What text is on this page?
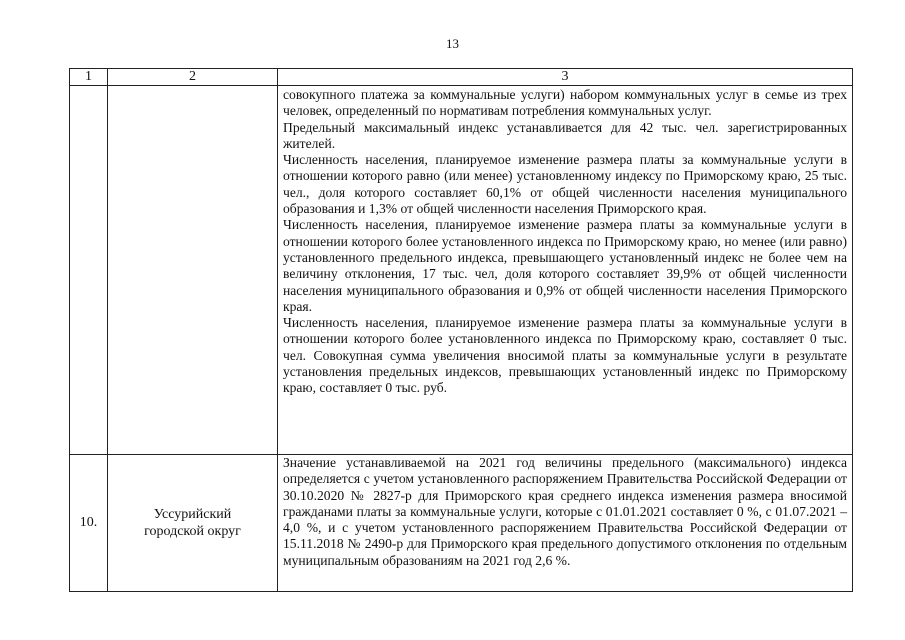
13
1	2	3

		совокупного платежа за коммунальные услуги) набором коммунальных услуг в семье из трех человек, определенный по нормативам потребления коммунальных услуг.

Предельный максимальный индекс устанавливается для 42 тыс. чел. зарегистрированных жителей.

Численность населения, планируемое изменение размера платы за коммунальные услуги в отношении которого равно (или менее) установленному индексу по Приморскому краю, 25 тыс. чел., доля которого составляет 60,1% от общей численности населения муниципального образования и 1,3% от общей численности населения Приморского края.

Численность населения, планируемое изменение размера платы за коммунальные услуги в отношении которого более установленного индекса по Приморскому краю, но менее (или равно) установленного предельного индекса, превышающего установленный индекс не более чем на величину отклонения, 17 тыс. чел, доля которого составляет 39,9% от общей численности населения муниципального образования и 0,9% от общей численности населения Приморского края.

Численность населения, планируемое изменение размера платы за коммунальные услуги в отношении которого более установленного индекса по Приморскому краю, составляет 0 тыс. чел. Совокупная сумма увеличения вносимой платы за коммунальные услуги в результате установления предельных индексов, превышающих установленный индекс по Приморскому краю, составляет 0 тыс. руб.

10.	Уссурийский
городской округ	Значение устанавливаемой на 2021 год величины предельного (максимального) индекса определяется с учетом установленного распоряжением Правительства Российской Федерации от 30.10.2020 № 2827-р для Приморского края среднего индекса изменения размера вносимой гражданами платы за коммунальные услуги, которые с 01.01.2021 составляет 0 %, с 01.07.2021 – 4,0 %, и с учетом установленного распоряжением Правительства Российской Федерации от 15.11.2018 № 2490-р для Приморского края предельного допустимого отклонения по отдельным муниципальным образованиям на 2021 год 2,6 %.
